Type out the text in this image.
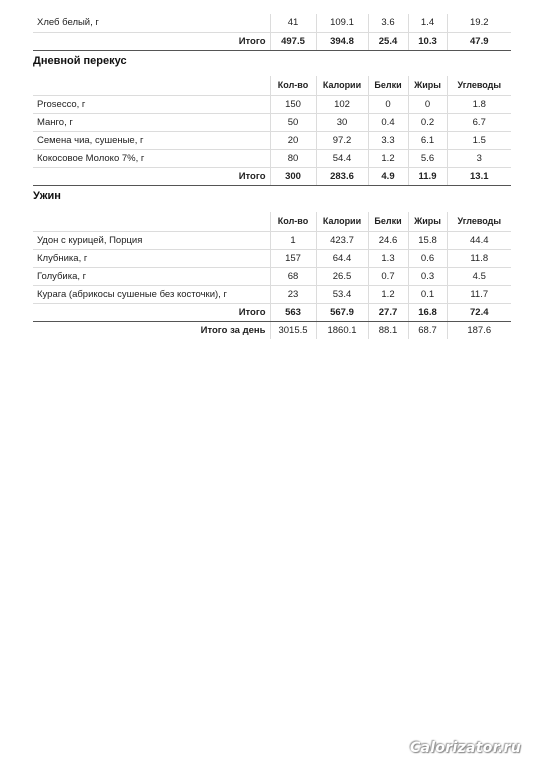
Хлеб белый, г	41	109.1	3.6	1.4	19.2
Итого	497.5	394.8	25.4	10.3	47.9
Дневной перекус
	Кол-во	Калории	Белки	Жиры	Углеводы
Prosecco, г	150	102	0	0	1.8
Манго, г	50	30	0.4	0.2	6.7
Семена чиа, сушеные, г	20	97.2	3.3	6.1	1.5
Кокосовое Молоко 7%, г	80	54.4	1.2	5.6	3
Итого	300	283.6	4.9	11.9	13.1
Ужин
	Кол-во	Калории	Белки	Жиры	Углеводы
Удон с курицей, Порция	1	423.7	24.6	15.8	44.4
Клубника, г	157	64.4	1.3	0.6	11.8
Голубика, г	68	26.5	0.7	0.3	4.5
Курага (абрикосы сушеные без косточки), г	23	53.4	1.2	0.1	11.7
Итого	563	567.9	27.7	16.8	72.4
Итого за день	3015.5	1860.1	88.1	68.7	187.6
Calorizator.ru
